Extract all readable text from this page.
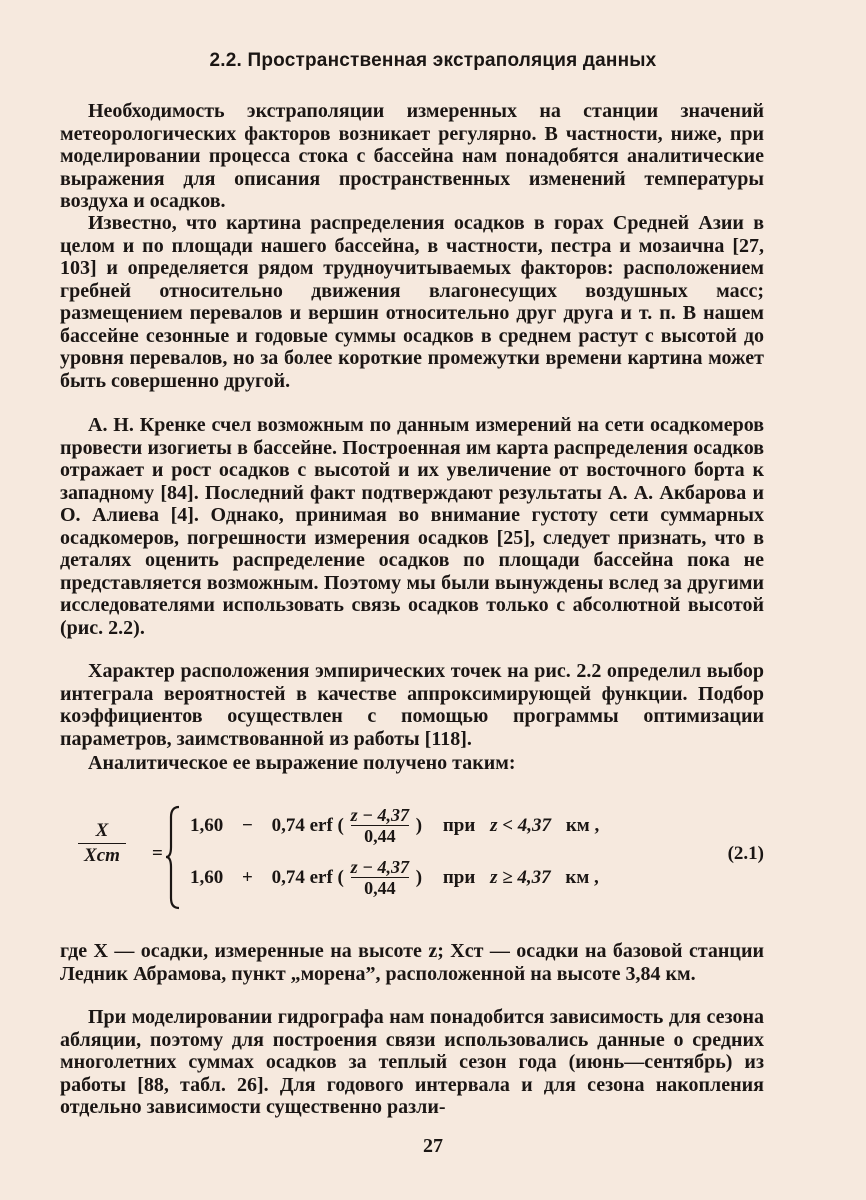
2.2. Пространственная экстраполяция данных

Необходимость экстраполяции измеренных на станции значений метеорологических факторов возникает регулярно. В частности, ниже, при моделировании процесса стока с бассейна нам понадобятся аналитические выражения для описания пространственных изменений температуры воздуха и осадков.

Известно, что картина распределения осадков в горах Средней Азии в целом и по площади нашего бассейна, в частности, пестра и мозаична [27, 103] и определяется рядом трудноучитываемых факторов: расположением гребней относительно движения влагонесущих воздушных масс; размещением перевалов и вершин относительно друг друга и т. п. В нашем бассейне сезонные и годовые суммы осадков в среднем растут с высотой до уровня перевалов, но за более короткие промежутки времени картина может быть совершенно другой.

А. Н. Кренке счел возможным по данным измерений на сети осадкомеров провести изогиеты в бассейне. Построенная им карта распределения осадков отражает и рост осадков с высотой и их увеличение от восточного борта к западному [84]. Последний факт подтверждают результаты А. А. Акбарова и О. Алиева [4]. Однако, принимая во внимание густоту сети суммарных осадкомеров, погрешности измерения осадков [25], следует признать, что в деталях оценить распределение осадков по площади бассейна пока не представляется возможным. Поэтому мы были вынуждены вслед за другими исследователями использовать связь осадков только с абсолютной высотой (рис. 2.2).

Характер расположения эмпирических точек на рис. 2.2 определил выбор интеграла вероятностей в качестве аппроксимирующей функции. Подбор коэффициентов осуществлен с помощью программы оптимизации параметров, заимствованной из работы [118].

Аналитическое ее выражение получено таким:

X
Xст	=
1,60 − 0,74 erf ( $\frac{z - 4,37}{0,44}$ ) при z < 4,37 км ,
1,60 + 0,74 erf ( $\frac{z - 4,37}{0,44}$ ) при z ≥ 4,37 км ,
(2.1)

где X — осадки, измеренные на высоте z; Xст — осадки на базовой станции Ледник Абрамова, пункт „морена”, расположенной на высоте 3,84 км.

При моделировании гидрографа нам понадобится зависимость для сезона абляции, поэтому для построения связи использовались данные о средних многолетних суммах осадков за теплый сезон года (июнь—сентябрь) из работы [88, табл. 26]. Для годового интервала и для сезона накопления отдельно зависимости существенно разли-

27
